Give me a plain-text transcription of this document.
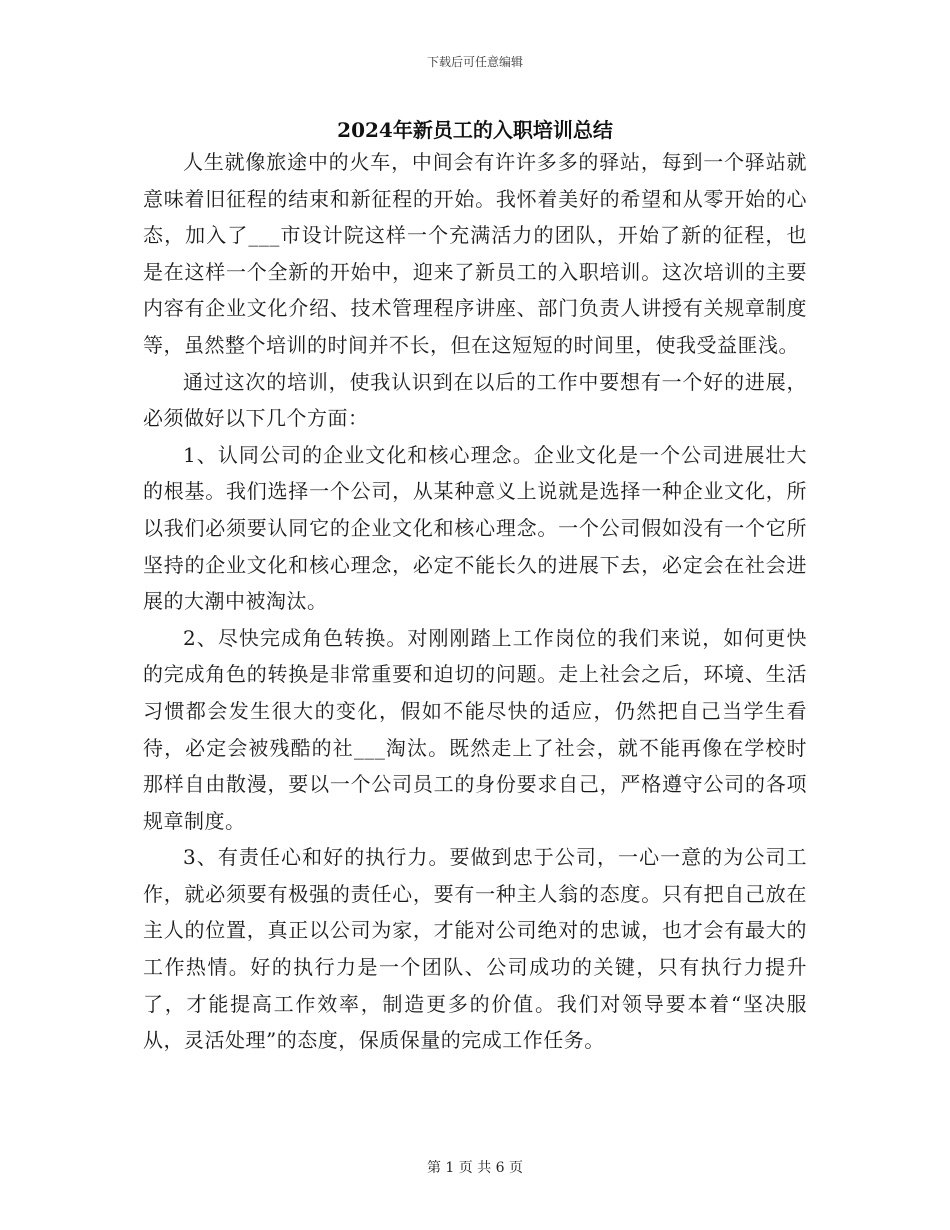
下载后可任意编辑
2024年新员工的入职培训总结

人生就像旅途中的火车，中间会有许许多多的驿站，每到一个驿站就意味着旧征程的结束和新征程的开始。我怀着美好的希望和从零开始的心态，加入了___市设计院这样一个充满活力的团队，开始了新的征程，也是在这样一个全新的开始中，迎来了新员工的入职培训。这次培训的主要内容有企业文化介绍、技术管理程序讲座、部门负责人讲授有关规章制度等，虽然整个培训的时间并不长，但在这短短的时间里，使我受益匪浅。

通过这次的培训，使我认识到在以后的工作中要想有一个好的进展，必须做好以下几个方面：

1、认同公司的企业文化和核心理念。企业文化是一个公司进展壮大的根基。我们选择一个公司，从某种意义上说就是选择一种企业文化，所以我们必须要认同它的企业文化和核心理念。一个公司假如没有一个它所坚持的企业文化和核心理念，必定不能长久的进展下去，必定会在社会进展的大潮中被淘汰。

2、尽快完成角色转换。对刚刚踏上工作岗位的我们来说，如何更快的完成角色的转换是非常重要和迫切的问题。走上社会之后，环境、生活习惯都会发生很大的变化，假如不能尽快的适应，仍然把自己当学生看待，必定会被残酷的社___淘汰。既然走上了社会，就不能再像在学校时那样自由散漫，要以一个公司员工的身份要求自己，严格遵守公司的各项规章制度。

3、有责任心和好的执行力。要做到忠于公司，一心一意的为公司工作，就必须要有极强的责任心，要有一种主人翁的态度。只有把自己放在主人的位置，真正以公司为家，才能对公司绝对的忠诚，也才会有最大的工作热情。好的执行力是一个团队、公司成功的关键，只有执行力提升了，才能提高工作效率，制造更多的价值。我们对领导要本着“坚决服从，灵活处理”的态度，保质保量的完成工作任务。

第 1 页 共 6 页
